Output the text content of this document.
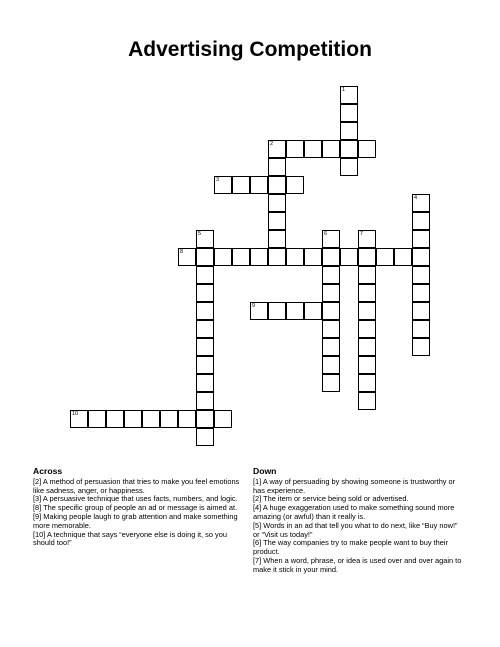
Advertising Competition
1
2
3
4
5	6	7
8
9
10
Across

[2] A method of persuasion that tries to make you feel emotions like sadness, anger, or happiness.

[3] A persuasive technique that uses facts, numbers, and logic.

[8] The specific group of people an ad or message is aimed at.

[9] Making people laugh to grab attention and make something more memorable.

[10] A technique that says “everyone else is doing it, so you should too!”

Down

[1] A way of persuading by showing someone is trustworthy or has experience.

[2] The item or service being sold or advertised.

[4] A huge exaggeration used to make something sound more amazing (or awful) than it really is.

[5] Words in an ad that tell you what to do next, like “Buy now!” or “Visit us today!”

[6] The way companies try to make people want to buy their product.

[7] When a word, phrase, or idea is used over and over again to make it stick in your mind.
